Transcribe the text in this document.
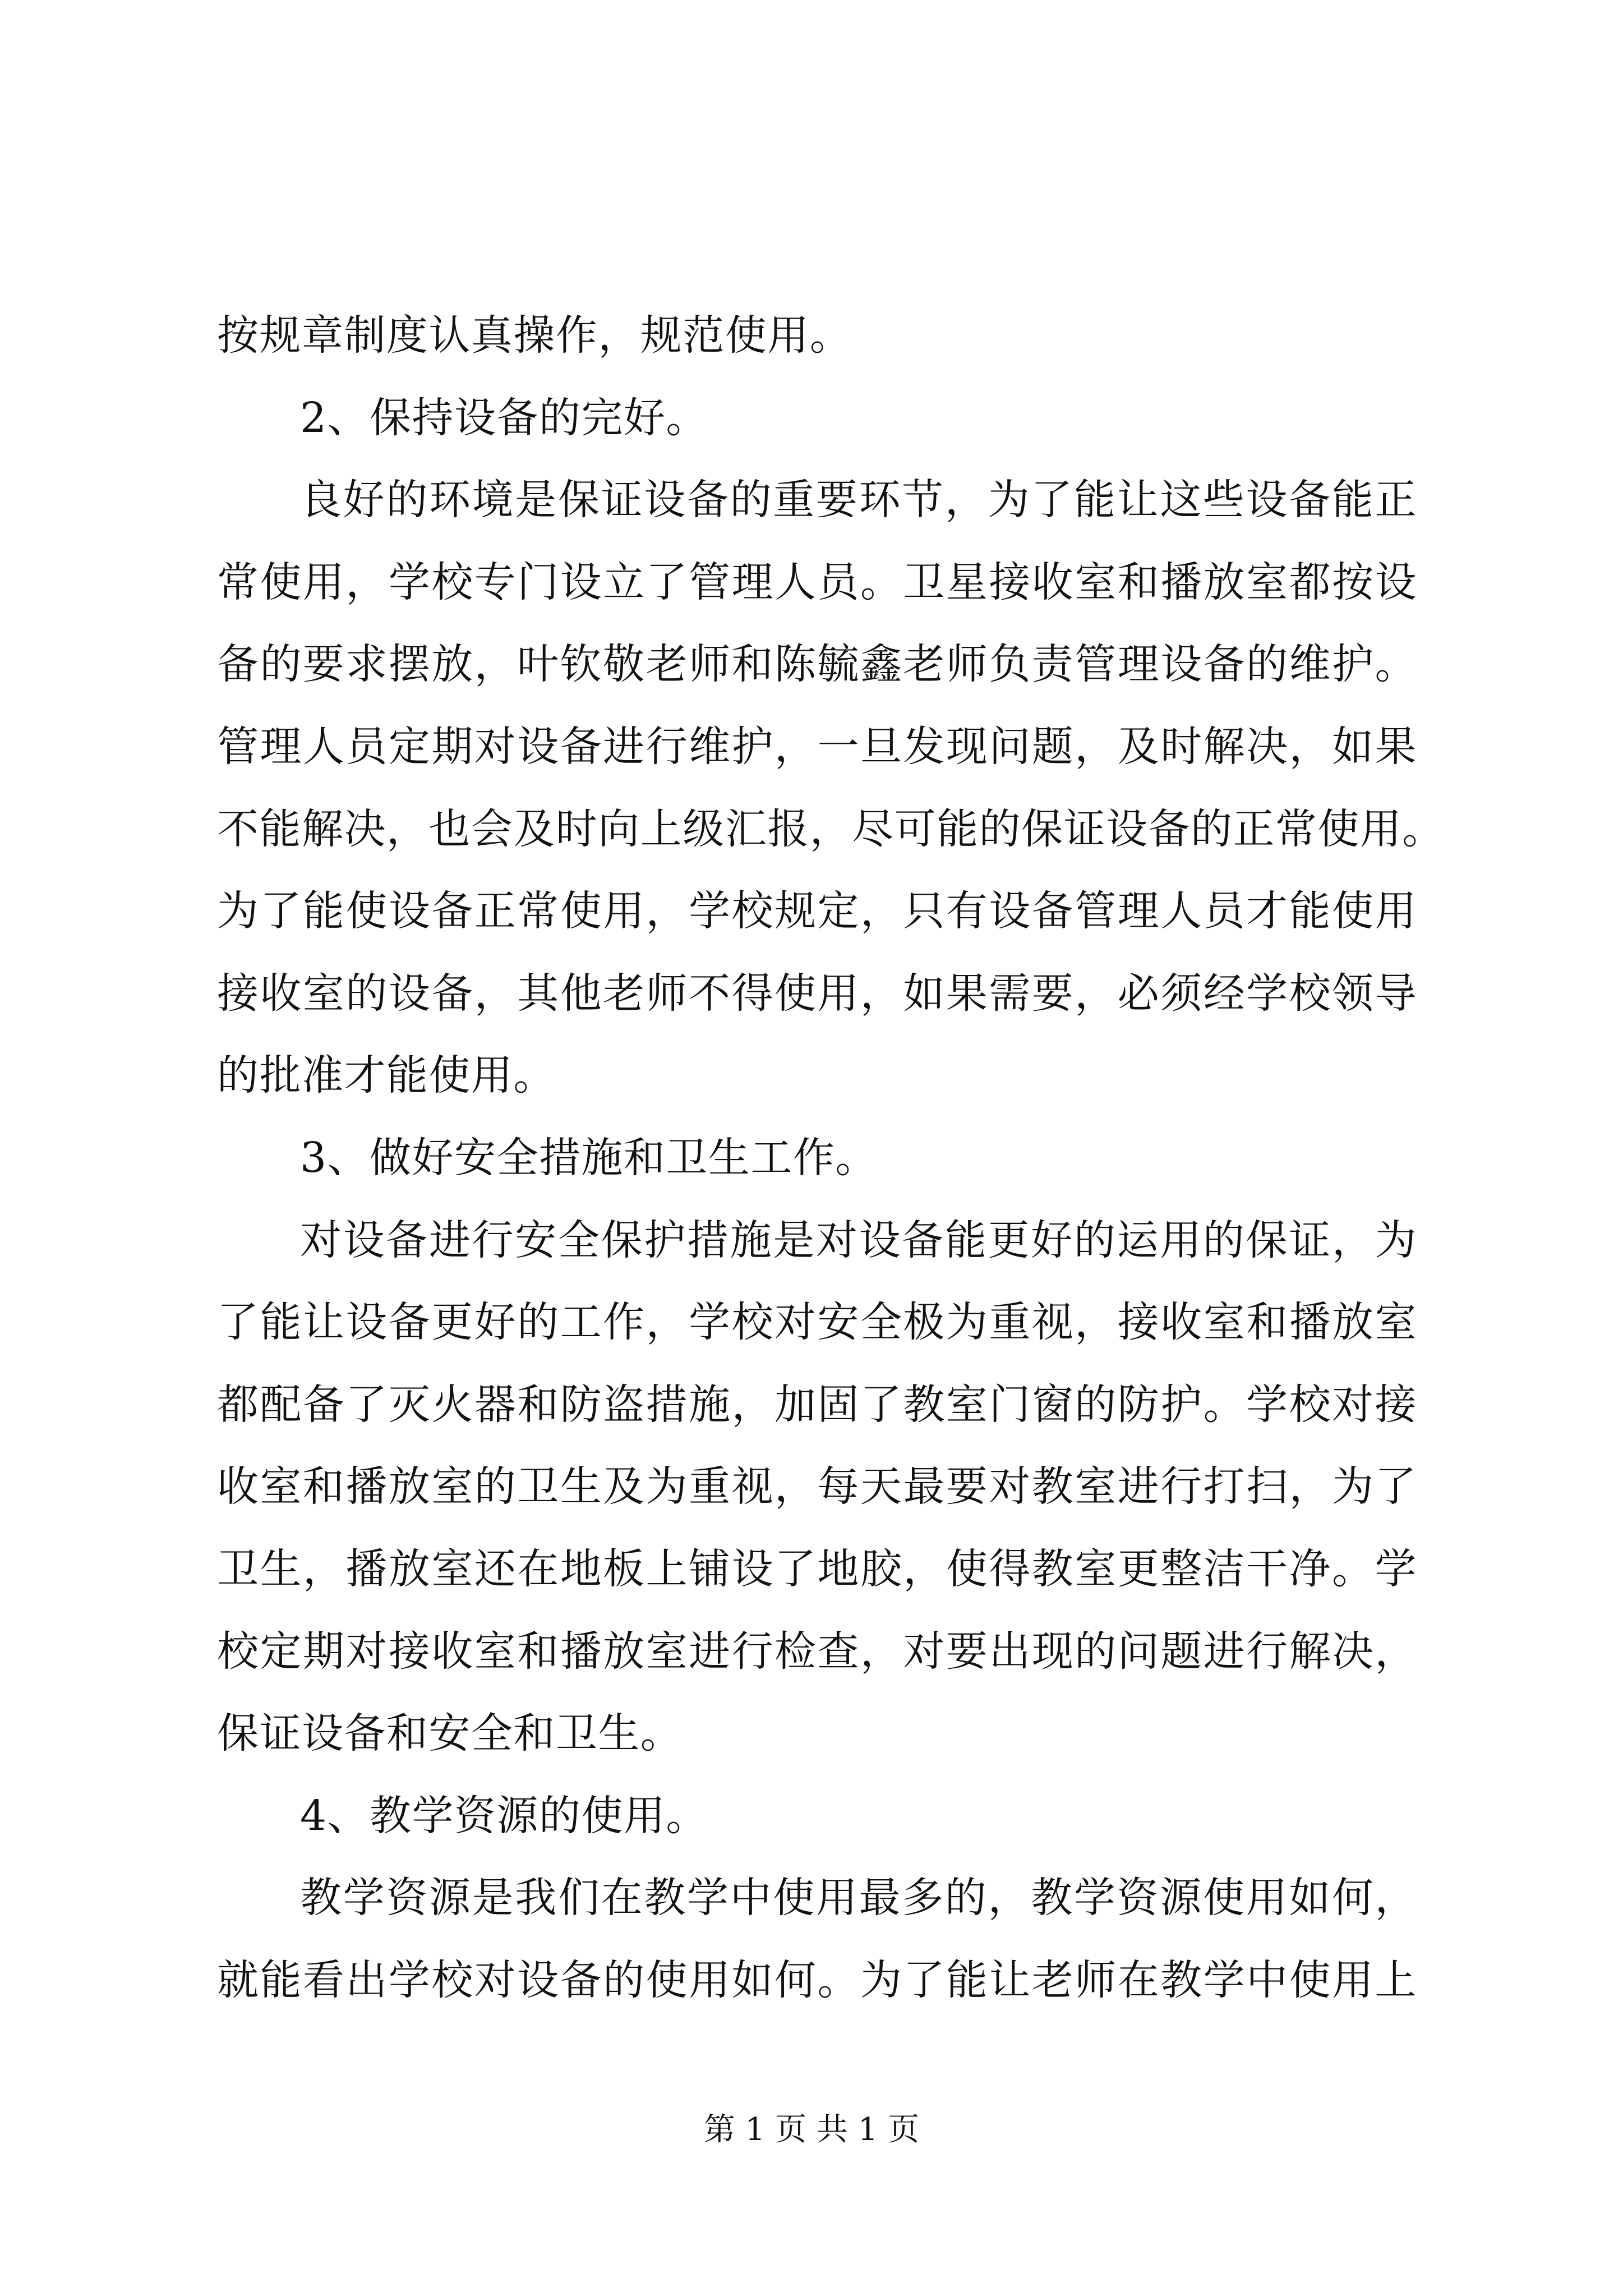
按规章制度认真操作，规范使用。
2、保持设备的完好。
良好的环境是保证设备的重要环节，为了能让这些设备能正
常使用，学校专门设立了管理人员。卫星接收室和播放室都按设
备的要求摆放，叶钦敬老师和陈毓鑫老师负责管理设备的维护。
管理人员定期对设备进行维护，一旦发现问题，及时解决，如果
不能解决，也会及时向上级汇报，尽可能的保证设备的正常使用。
为了能使设备正常使用，学校规定，只有设备管理人员才能使用
接收室的设备，其他老师不得使用，如果需要，必须经学校领导
的批准才能使用。
3、做好安全措施和卫生工作。
对设备进行安全保护措施是对设备能更好的运用的保证，为
了能让设备更好的工作，学校对安全极为重视，接收室和播放室
都配备了灭火器和防盗措施，加固了教室门窗的防护。学校对接
收室和播放室的卫生及为重视，每天最要对教室进行打扫，为了
卫生，播放室还在地板上铺设了地胶，使得教室更整洁干净。学
校定期对接收室和播放室进行检查，对要出现的问题进行解决，
保证设备和安全和卫生。
4、教学资源的使用。
教学资源是我们在教学中使用最多的，教学资源使用如何，
就能看出学校对设备的使用如何。为了能让老师在教学中使用上
第 1 页 共 1 页
